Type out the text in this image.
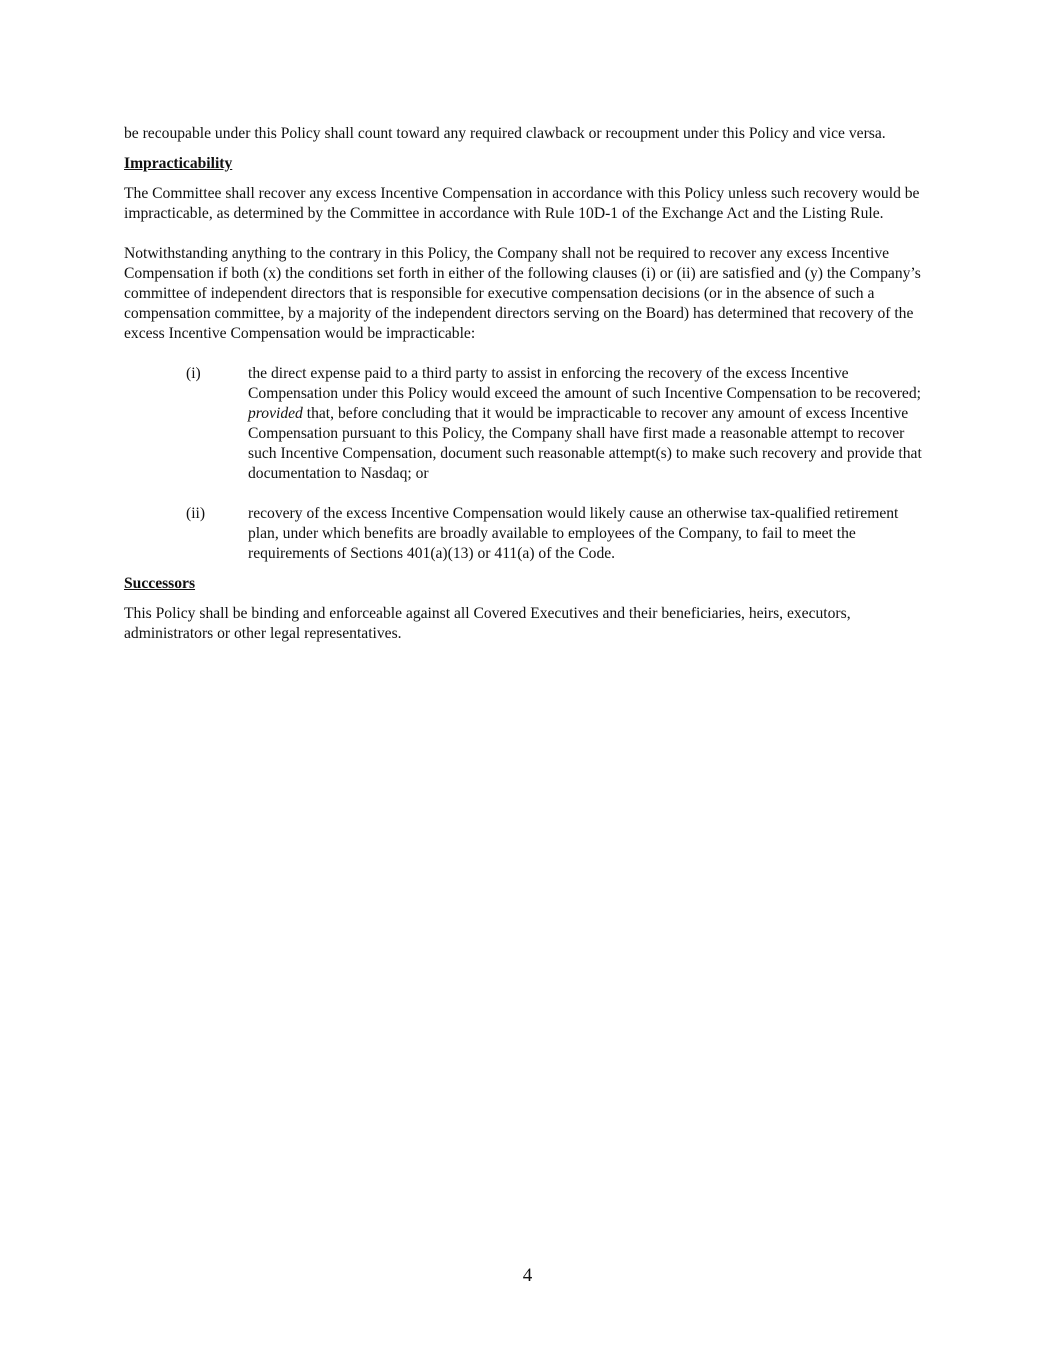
be recoupable under this Policy shall count toward any required clawback or recoupment under this Policy and vice versa.

Impracticability

The Committee shall recover any excess Incentive Compensation in accordance with this Policy unless such recovery would be impracticable, as determined by the Committee in accordance with Rule 10D-1 of the Exchange Act and the Listing Rule.

Notwithstanding anything to the contrary in this Policy, the Company shall not be required to recover any excess Incentive Compensation if both (x) the conditions set forth in either of the following clauses (i) or (ii) are satisfied and (y) the Company’s committee of independent directors that is responsible for executive compensation decisions (or in the absence of such a compensation committee, by a majority of the independent directors serving on the Board) has determined that recovery of the excess Incentive Compensation would be impracticable:

(i)	the direct expense paid to a third party to assist in enforcing the recovery of the excess Incentive Compensation under this Policy would exceed the amount of such Incentive Compensation to be recovered; provided that, before concluding that it would be impracticable to recover any amount of excess Incentive Compensation pursuant to this Policy, the Company shall have first made a reasonable attempt to recover such Incentive Compensation, document such reasonable attempt(s) to make such recovery and provide that documentation to Nasdaq; or
(ii)	recovery of the excess Incentive Compensation would likely cause an otherwise tax-qualified retirement plan, under which benefits are broadly available to employees of the Company, to fail to meet the requirements of Sections 401(a)(13) or 411(a) of the Code.

Successors

This Policy shall be binding and enforceable against all Covered Executives and their beneficiaries, heirs, executors, administrators or other legal representatives.

4
